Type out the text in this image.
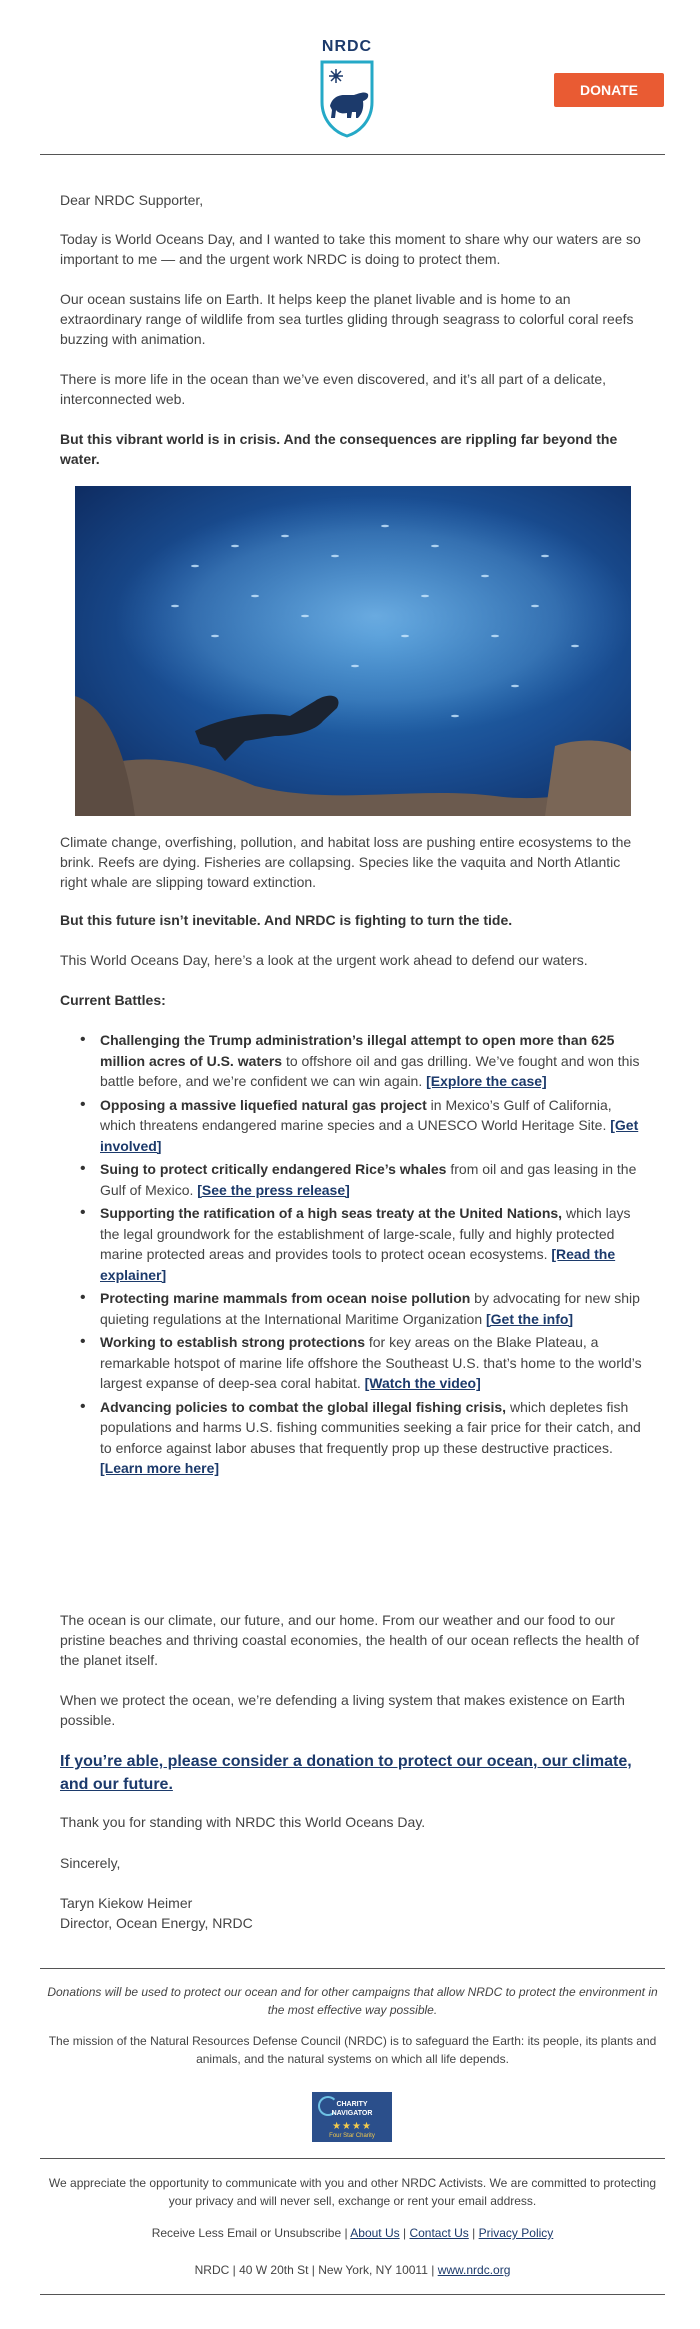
NRDC
DONATE

Dear NRDC Supporter,

Today is World Oceans Day, and I wanted to take this moment to share why our waters are so important to me — and the urgent work NRDC is doing to protect them.

Our ocean sustains life on Earth. It helps keep the planet livable and is home to an extraordinary range of wildlife from sea turtles gliding through seagrass to colorful coral reefs buzzing with animation.

There is more life in the ocean than we’ve even discovered, and it’s all part of a delicate, interconnected web.

But this vibrant world is in crisis. And the consequences are rippling far beyond the water.

Climate change, overfishing, pollution, and habitat loss are pushing entire ecosystems to the brink. Reefs are dying. Fisheries are collapsing. Species like the vaquita and North Atlantic right whale are slipping toward extinction.

But this future isn’t inevitable. And NRDC is fighting to turn the tide.

This World Oceans Day, here’s a look at the urgent work ahead to defend our waters.

Current Battles:

• Challenging the Trump administration’s illegal attempt to open more than 625 million acres of U.S. waters to offshore oil and gas drilling. We’ve fought and won this battle before, and we’re confident we can win again. [Explore the case]
• Opposing a massive liquefied natural gas project in Mexico’s Gulf of California, which threatens endangered marine species and a UNESCO World Heritage Site. [Get involved]
• Suing to protect critically endangered Rice’s whales from oil and gas leasing in the Gulf of Mexico. [See the press release]
• Supporting the ratification of a high seas treaty at the United Nations, which lays the legal groundwork for the establishment of large-scale, fully and highly protected marine protected areas and provides tools to protect ocean ecosystems. [Read the explainer]
• Protecting marine mammals from ocean noise pollution by advocating for new ship quieting regulations at the International Maritime Organization [Get the info]
• Working to establish strong protections for key areas on the Blake Plateau, a remarkable hotspot of marine life offshore the Southeast U.S. that’s home to the world’s largest expanse of deep-sea coral habitat. [Watch the video]
• Advancing policies to combat the global illegal fishing crisis, which depletes fish populations and harms U.S. fishing communities seeking a fair price for their catch, and to enforce against labor abuses that frequently prop up these destructive practices. [Learn more here]

The ocean is our climate, our future, and our home. From our weather and our food to our pristine beaches and thriving coastal economies, the health of our ocean reflects the health of the planet itself.

When we protect the ocean, we’re defending a living system that makes existence on Earth possible.

If you’re able, please consider a donation to protect our ocean, our climate, and our future.

Thank you for standing with NRDC this World Oceans Day.

Sincerely,

Taryn Kiekow Heimer

Director, Ocean Energy, NRDC

Donations will be used to protect our ocean and for other campaigns that allow NRDC to protect the environment in the most effective way possible.
The mission of the Natural Resources Defense Council (NRDC) is to safeguard the Earth: its people, its plants and animals, and the natural systems on which all life depends.
CHARITY
NAVIGATOR
★★★★
Four Star Charity
We appreciate the opportunity to communicate with you and other NRDC Activists. We are committed to protecting your privacy and will never sell, exchange or rent your email address.
Receive Less Email or Unsubscribe | About Us | Contact Us | Privacy Policy
NRDC | 40 W 20th St | New York, NY 10011 | www.nrdc.org
